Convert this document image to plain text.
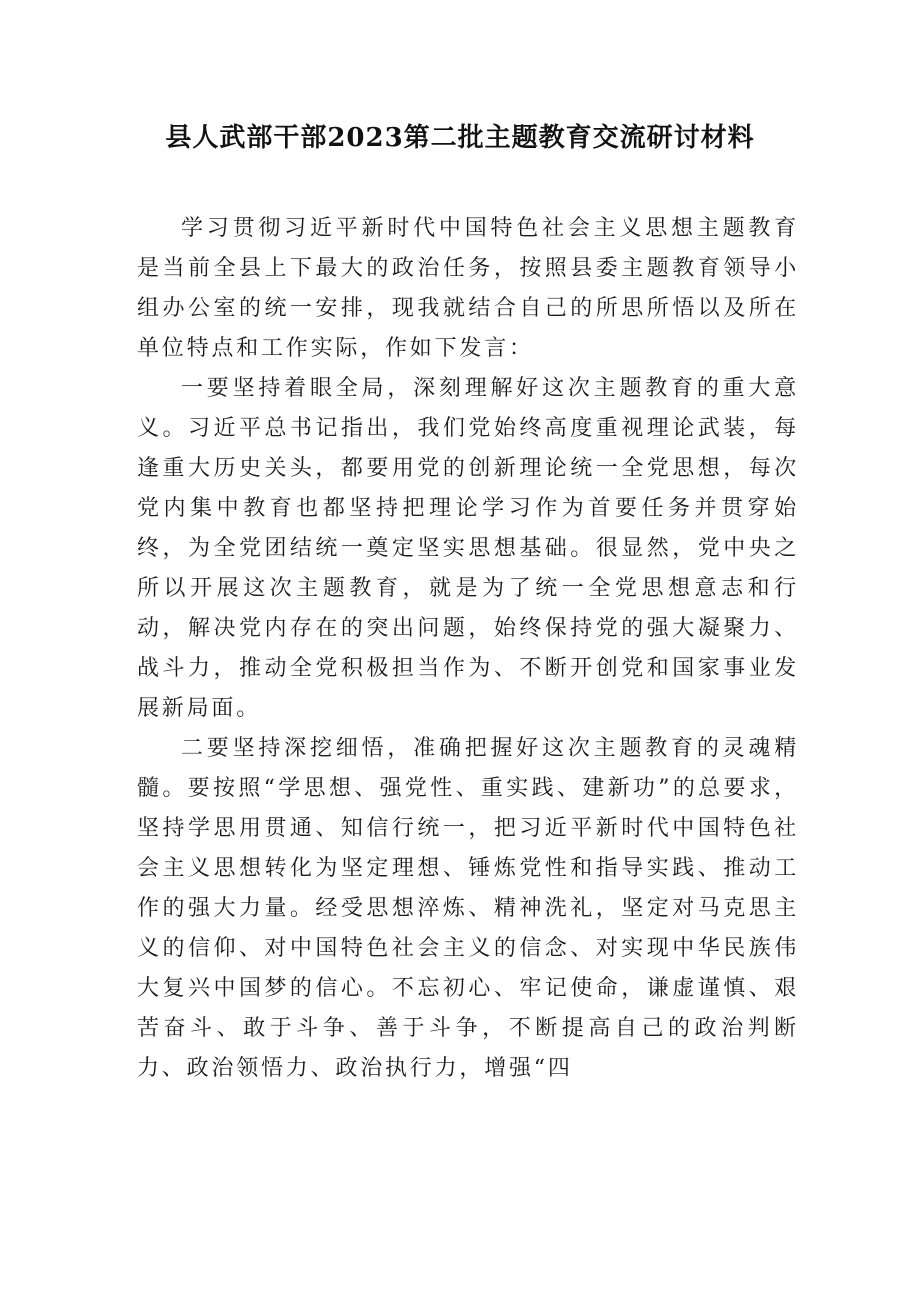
县人武部干部2023第二批主题教育交流研讨材料

学习贯彻习近平新时代中国特色社会主义思想主题教育是当前全县上下最大的政治任务，按照县委主题教育领导小组办公室的统一安排，现我就结合自己的所思所悟以及所在单位特点和工作实际，作如下发言：

一要坚持着眼全局，深刻理解好这次主题教育的重大意义。习近平总书记指出，我们党始终高度重视理论武装，每逢重大历史关头，都要用党的创新理论统一全党思想，每次党内集中教育也都坚持把理论学习作为首要任务并贯穿始终，为全党团结统一奠定坚实思想基础。很显然，党中央之所以开展这次主题教育，就是为了统一全党思想意志和行动，解决党内存在的突出问题，始终保持党的强大凝聚力、战斗力，推动全党积极担当作为、不断开创党和国家事业发展新局面。

二要坚持深挖细悟，准确把握好这次主题教育的灵魂精髓。要按照“学思想、强党性、重实践、建新功”的总要求，坚持学思用贯通、知信行统一，把习近平新时代中国特色社会主义思想转化为坚定理想、锤炼党性和指导实践、推动工作的强大力量。经受思想淬炼、精神洗礼，坚定对马克思主义的信仰、对中国特色社会主义的信念、对实现中华民族伟大复兴中国梦的信心。不忘初心、牢记使命，谦虚谨慎、艰苦奋斗、敢于斗争、善于斗争，不断提高自己的政治判断力、政治领悟力、政治执行力，增强“四
